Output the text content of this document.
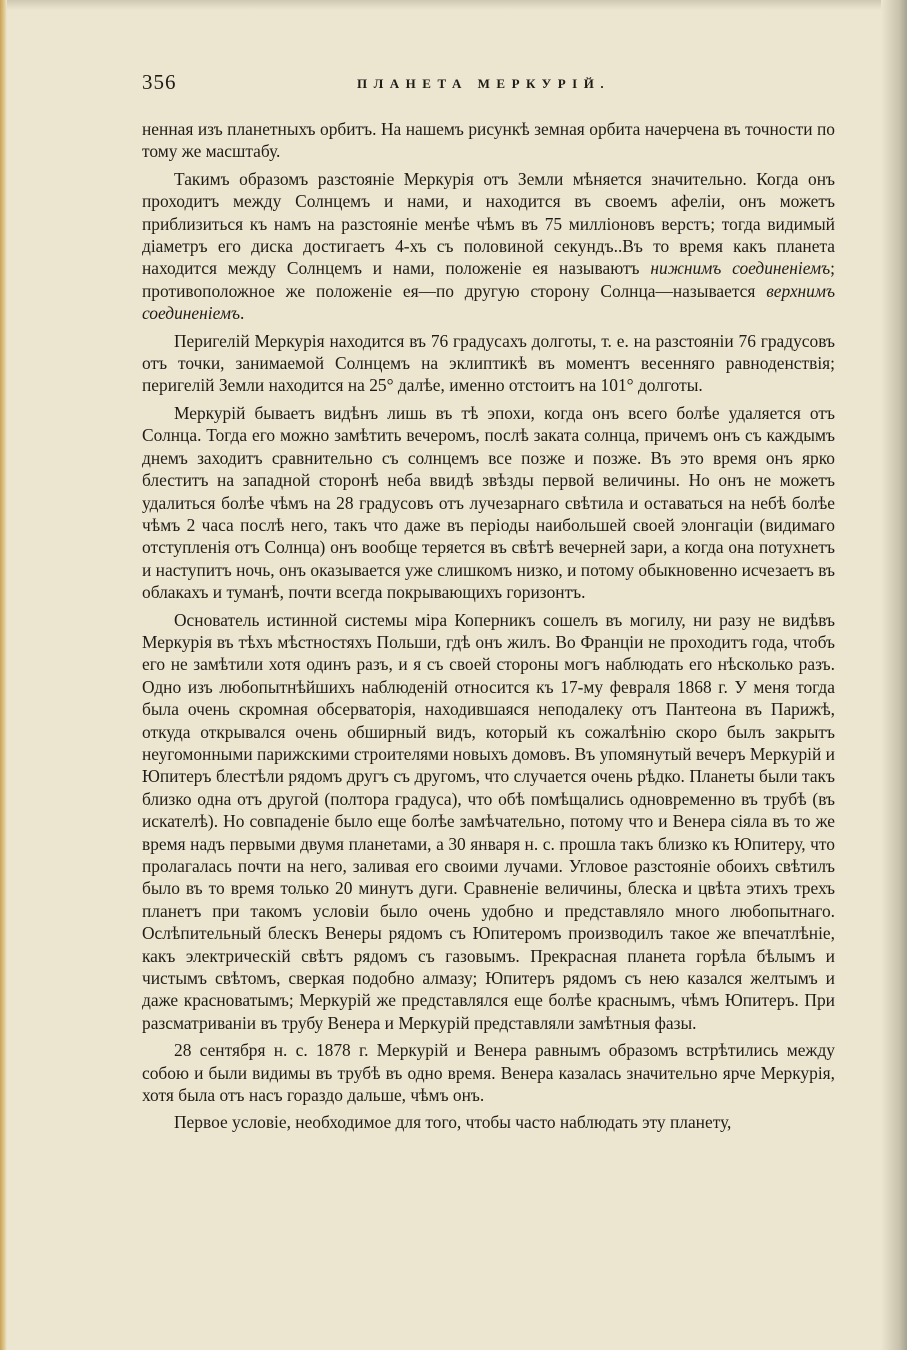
356	ПЛАНЕТА МЕРКУРІЙ.

ненная изъ планетныхъ орбитъ. На нашемъ рисункѣ земная орбита начерчена въ точности по тому же масштабу.

Такимъ образомъ разстояніе Меркурія отъ Земли мѣняется значительно. Когда онъ проходитъ между Солнцемъ и нами, и находится въ своемъ афеліи, онъ можетъ приблизиться къ намъ на разстояніе менѣе чѣмъ въ 75 милліоновъ верстъ; тогда видимый діаметръ его диска достигаетъ 4-хъ съ половиной секундъ..Въ то время какъ планета находится между Солнцемъ и нами, положеніе ея называютъ нижнимъ соединеніемъ; противоположное же положеніе ея—по другую сторону Солнца—называется верхнимъ соединеніемъ.

Перигелій Меркурія находится въ 76 градусахъ долготы, т. е. на разстояніи 76 градусовъ отъ точки, занимаемой Солнцемъ на эклиптикѣ въ моментъ весенняго равноденствія; перигелій Земли находится на 25° далѣе, именно отстоитъ на 101° долготы.

Меркурій бываетъ видѣнъ лишь въ тѣ эпохи, когда онъ всего болѣе удаляется отъ Солнца. Тогда его можно замѣтить вечеромъ, послѣ заката солнца, причемъ онъ съ каждымъ днемъ заходитъ сравнительно съ солнцемъ все позже и позже. Въ это время онъ ярко блеститъ на западной сторонѣ неба ввидѣ звѣзды первой величины. Но онъ не можетъ удалиться болѣе чѣмъ на 28 градусовъ отъ лучезарнаго свѣтила и оставаться на небѣ болѣе чѣмъ 2 часа послѣ него, такъ что даже въ періоды наибольшей своей элонгаціи (видимаго отступленія отъ Солнца) онъ вообще теряется въ свѣтѣ вечерней зари, а когда она потухнетъ и наступитъ ночь, онъ оказывается уже слишкомъ низко, и потому обыкновенно исчезаетъ въ облакахъ и туманѣ, почти всегда покрывающихъ горизонтъ.

Основатель истинной системы міра Коперникъ сошелъ въ могилу, ни разу не видѣвъ Меркурія въ тѣхъ мѣстностяхъ Польши, гдѣ онъ жилъ. Во Франціи не проходитъ года, чтобъ его не замѣтили хотя одинъ разъ, и я съ своей стороны могъ наблюдать его нѣсколько разъ. Одно изъ любопытнѣйшихъ наблюденій относится къ 17-му февраля 1868 г. У меня тогда была очень скромная обсерваторія, находившаяся неподалеку отъ Пантеона въ Парижѣ, откуда открывался очень обширный видъ, который къ сожалѣнію скоро былъ закрытъ неугомонными парижскими строителями новыхъ домовъ. Въ упомянутый вечеръ Меркурій и Юпитеръ блестѣли рядомъ другъ съ другомъ, что случается очень рѣдко. Планеты были такъ близко одна отъ другой (полтора градуса), что обѣ помѣщались одновременно въ трубѣ (въ искателѣ). Но совпаденіе было еще болѣе замѣчательно, потому что и Венера сіяла въ то же время надъ первыми двумя планетами, а 30 января н. с. прошла такъ близко къ Юпитеру, что пролагалась почти на него, заливая его своими лучами. Угловое разстояніе обоихъ свѣтилъ было въ то время только 20 минутъ дуги. Сравненіе величины, блеска и цвѣта этихъ трехъ планетъ при такомъ условіи было очень удобно и представляло много любопытнаго. Ослѣпительный блескъ Венеры рядомъ съ Юпитеромъ производилъ такое же впечатлѣніе, какъ электрическій свѣтъ рядомъ съ газовымъ. Прекрасная планета горѣла бѣлымъ и чистымъ свѣтомъ, сверкая подобно алмазу; Юпитеръ рядомъ съ нею казался желтымъ и даже красноватымъ; Меркурій же представлялся еще болѣе краснымъ, чѣмъ Юпитеръ. При разсматриваніи въ трубу Венера и Меркурій представляли замѣтныя фазы.

28 сентября н. с. 1878 г. Меркурій и Венера равнымъ образомъ встрѣтились между собою и были видимы въ трубѣ въ одно время. Венера казалась значительно ярче Меркурія, хотя была отъ насъ гораздо дальше, чѣмъ онъ.

Первое условіе, необходимое для того, чтобы часто наблюдать эту планету,
